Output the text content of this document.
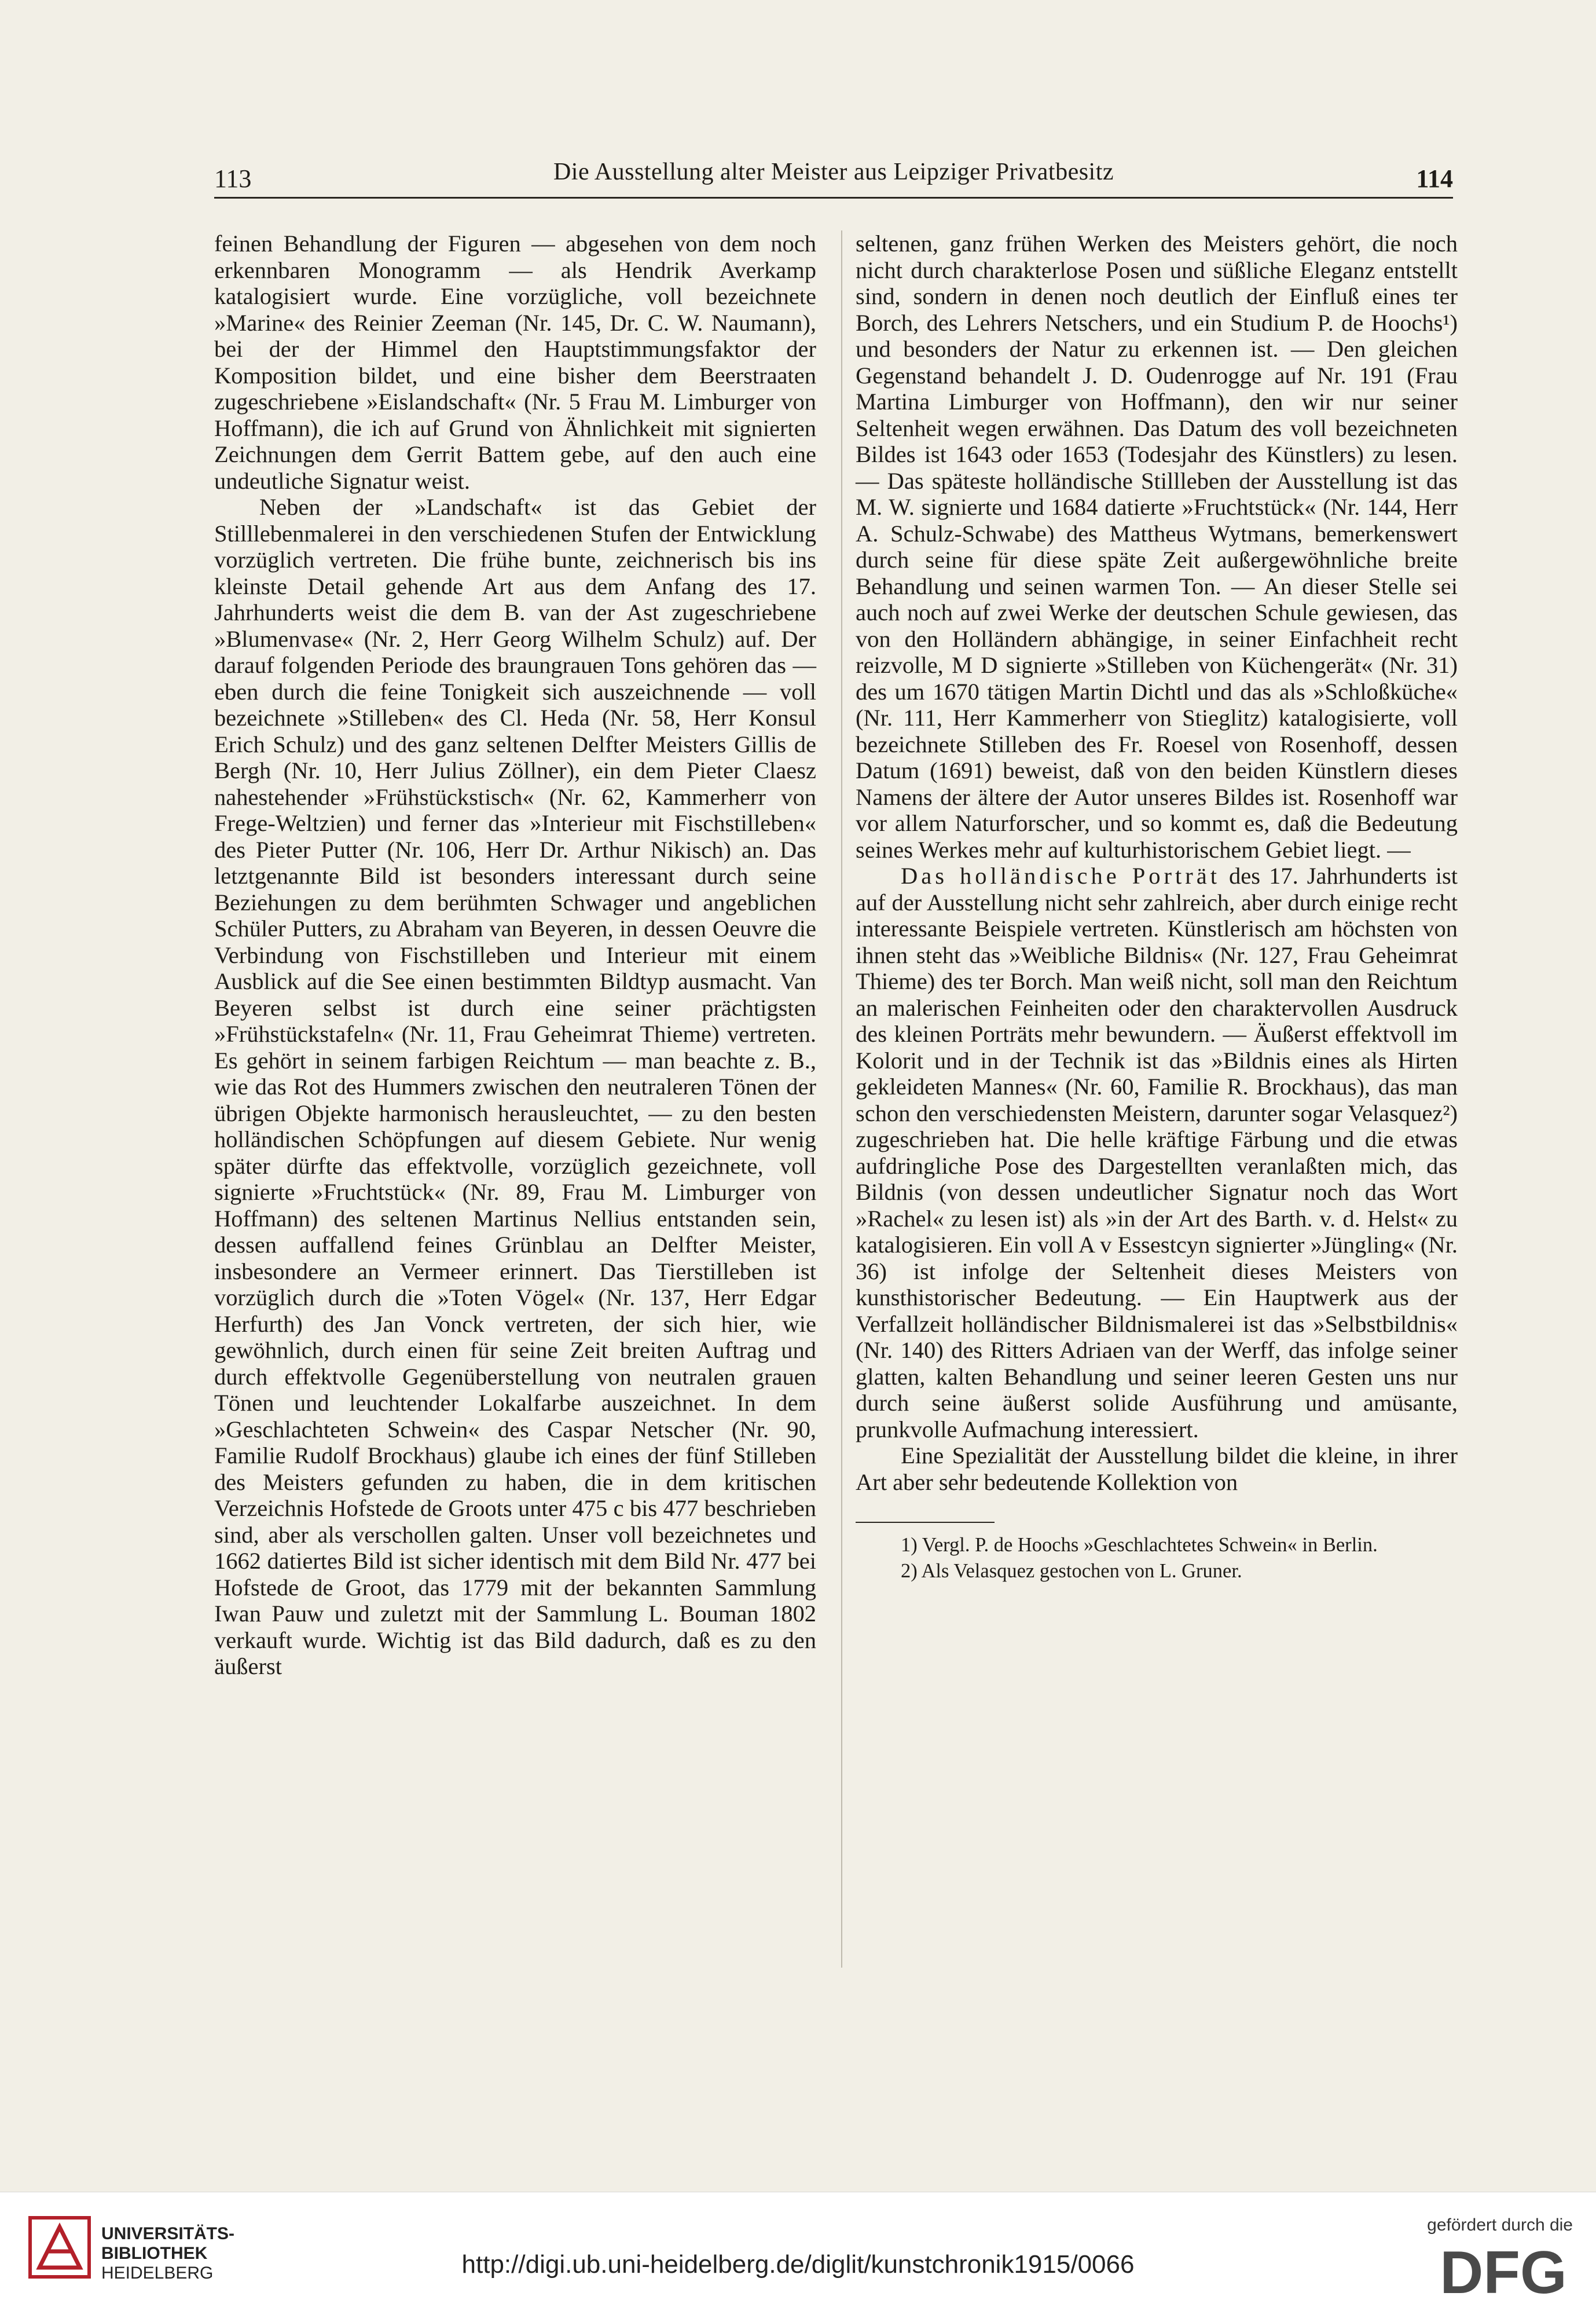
113	Die Ausstellung alter Meister aus Leipziger Privatbesitz	114

feinen Behandlung der Figuren — abgesehen von dem noch erkennbaren Monogramm — als Hendrik Averkamp katalogisiert wurde. Eine vorzügliche, voll bezeichnete »Marine« des Reinier Zeeman (Nr. 145, Dr. C. W. Naumann), bei der der Himmel den Hauptstimmungsfaktor der Komposition bildet, und eine bisher dem Beerstraaten zugeschriebene »Eislandschaft« (Nr. 5 Frau M. Limburger von Hoffmann), die ich auf Grund von Ähnlichkeit mit signierten Zeichnungen dem Gerrit Battem gebe, auf den auch eine undeutliche Signatur weist.

Neben der »Landschaft« ist das Gebiet der Stilllebenmalerei in den verschiedenen Stufen der Entwicklung vorzüglich vertreten. Die frühe bunte, zeichnerisch bis ins kleinste Detail gehende Art aus dem Anfang des 17. Jahrhunderts weist die dem B. van der Ast zugeschriebene »Blumenvase« (Nr. 2, Herr Georg Wilhelm Schulz) auf. Der darauf folgenden Periode des braungrauen Tons gehören das — eben durch die feine Tonigkeit sich auszeichnende — voll bezeichnete »Stilleben« des Cl. Heda (Nr. 58, Herr Konsul Erich Schulz) und des ganz seltenen Delfter Meisters Gillis de Bergh (Nr. 10, Herr Julius Zöllner), ein dem Pieter Claesz nahestehender »Frühstückstisch« (Nr. 62, Kammerherr von Frege-Weltzien) und ferner das »Interieur mit Fischstilleben« des Pieter Putter (Nr. 106, Herr Dr. Arthur Nikisch) an. Das letztgenannte Bild ist besonders interessant durch seine Beziehungen zu dem berühmten Schwager und angeblichen Schüler Putters, zu Abraham van Beyeren, in dessen Oeuvre die Verbindung von Fischstilleben und Interieur mit einem Ausblick auf die See einen bestimmten Bildtyp ausmacht. Van Beyeren selbst ist durch eine seiner prächtigsten »Frühstückstafeln« (Nr. 11, Frau Geheimrat Thieme) vertreten. Es gehört in seinem farbigen Reichtum — man beachte z. B., wie das Rot des Hummers zwischen den neutraleren Tönen der übrigen Objekte harmonisch herausleuchtet, — zu den besten holländischen Schöpfungen auf diesem Gebiete. Nur wenig später dürfte das effektvolle, vorzüglich gezeichnete, voll signierte »Fruchtstück« (Nr. 89, Frau M. Limburger von Hoffmann) des seltenen Martinus Nellius entstanden sein, dessen auffallend feines Grünblau an Delfter Meister, insbesondere an Vermeer erinnert. Das Tierstilleben ist vorzüglich durch die »Toten Vögel« (Nr. 137, Herr Edgar Herfurth) des Jan Vonck vertreten, der sich hier, wie gewöhnlich, durch einen für seine Zeit breiten Auftrag und durch effektvolle Gegenüberstellung von neutralen grauen Tönen und leuchtender Lokalfarbe auszeichnet. In dem »Geschlachteten Schwein« des Caspar Netscher (Nr. 90, Familie Rudolf Brockhaus) glaube ich eines der fünf Stilleben des Meisters gefunden zu haben, die in dem kritischen Verzeichnis Hofstede de Groots unter 475 c bis 477 beschrieben sind, aber als verschollen galten. Unser voll bezeichnetes und 1662 datiertes Bild ist sicher identisch mit dem Bild Nr. 477 bei Hofstede de Groot, das 1779 mit der bekannten Sammlung Iwan Pauw und zuletzt mit der Sammlung L. Bouman 1802 verkauft wurde. Wichtig ist das Bild dadurch, daß es zu den äußerst

seltenen, ganz frühen Werken des Meisters gehört, die noch nicht durch charakterlose Posen und süßliche Eleganz entstellt sind, sondern in denen noch deutlich der Einfluß eines ter Borch, des Lehrers Netschers, und ein Studium P. de Hoochs¹) und besonders der Natur zu erkennen ist. — Den gleichen Gegenstand behandelt J. D. Oudenrogge auf Nr. 191 (Frau Martina Limburger von Hoffmann), den wir nur seiner Seltenheit wegen erwähnen. Das Datum des voll bezeichneten Bildes ist 1643 oder 1653 (Todesjahr des Künstlers) zu lesen. — Das späteste holländische Stillleben der Ausstellung ist das M. W. signierte und 1684 datierte »Fruchtstück« (Nr. 144, Herr A. Schulz-Schwabe) des Mattheus Wytmans, bemerkenswert durch seine für diese späte Zeit außergewöhnliche breite Behandlung und seinen warmen Ton. — An dieser Stelle sei auch noch auf zwei Werke der deutschen Schule gewiesen, das von den Holländern abhängige, in seiner Einfachheit recht reizvolle, M D signierte »Stilleben von Küchengerät« (Nr. 31) des um 1670 tätigen Martin Dichtl und das als »Schloßküche« (Nr. 111, Herr Kammerherr von Stieglitz) katalogisierte, voll bezeichnete Stilleben des Fr. Roesel von Rosenhoff, dessen Datum (1691) beweist, daß von den beiden Künstlern dieses Namens der ältere der Autor unseres Bildes ist. Rosenhoff war vor allem Naturforscher, und so kommt es, daß die Bedeutung seines Werkes mehr auf kulturhistorischem Gebiet liegt. —

Das holländische Porträt des 17. Jahrhunderts ist auf der Ausstellung nicht sehr zahlreich, aber durch einige recht interessante Beispiele vertreten. Künstlerisch am höchsten von ihnen steht das »Weibliche Bildnis« (Nr. 127, Frau Geheimrat Thieme) des ter Borch. Man weiß nicht, soll man den Reichtum an malerischen Feinheiten oder den charaktervollen Ausdruck des kleinen Porträts mehr bewundern. — Äußerst effektvoll im Kolorit und in der Technik ist das »Bildnis eines als Hirten gekleideten Mannes« (Nr. 60, Familie R. Brockhaus), das man schon den verschiedensten Meistern, darunter sogar Velasquez²) zugeschrieben hat. Die helle kräftige Färbung und die etwas aufdringliche Pose des Dargestellten veranlaßten mich, das Bildnis (von dessen undeutlicher Signatur noch das Wort »Rachel« zu lesen ist) als »in der Art des Barth. v. d. Helst« zu katalogisieren. Ein voll A v Essestcyn signierter »Jüngling« (Nr. 36) ist infolge der Seltenheit dieses Meisters von kunsthistorischer Bedeutung. — Ein Hauptwerk aus der Verfallzeit holländischer Bildnismalerei ist das »Selbstbildnis« (Nr. 140) des Ritters Adriaen van der Werff, das infolge seiner glatten, kalten Behandlung und seiner leeren Gesten uns nur durch seine äußerst solide Ausführung und amüsante, prunkvolle Aufmachung interessiert.

Eine Spezialität der Ausstellung bildet die kleine, in ihrer Art aber sehr bedeutende Kollektion von

1) Vergl. P. de Hoochs »Geschlachtetes Schwein« in Berlin.

2) Als Velasquez gestochen von L. Gruner.

UNIVERSITÄTS-
BIBLIOTHEK
HEIDELBERG	http://digi.ub.uni-heidelberg.de/diglit/kunstchronik1915/0066
gefördert durch die
DFG
